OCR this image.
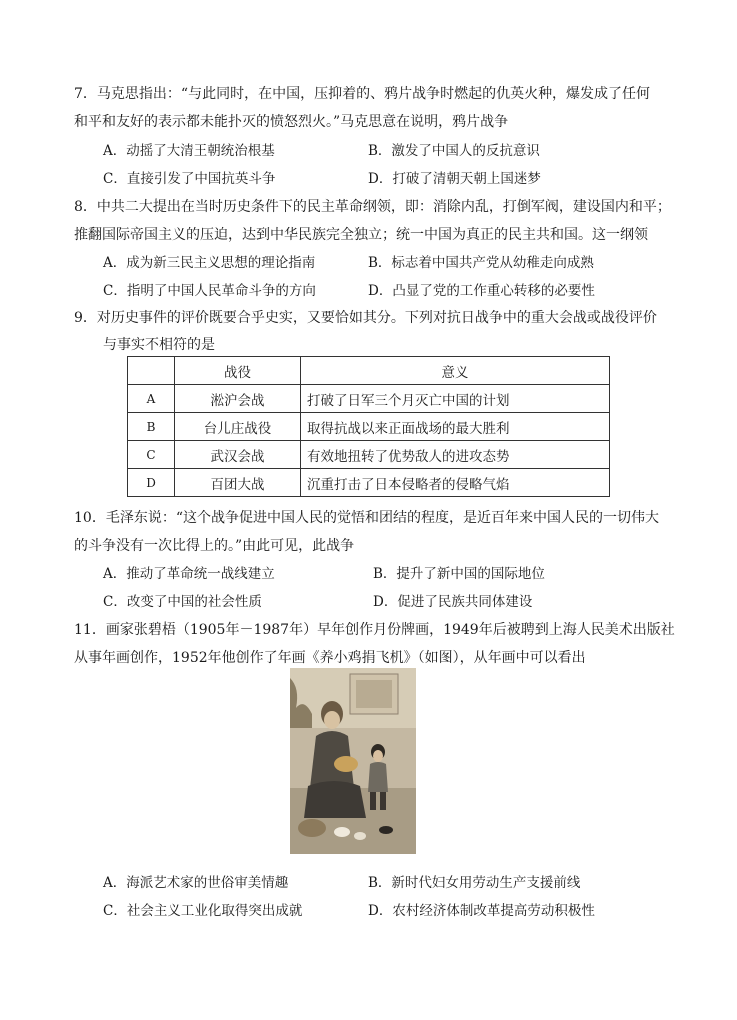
7．马克思指出：“与此同时，在中国，压抑着的、鸦片战争时燃起的仇英火种，爆发成了任何
和平和友好的表示都未能扑灭的愤怒烈火。”马克思意在说明，鸦片战争
A．动摇了大清王朝统治根基	B．激发了中国人的反抗意识
C．直接引发了中国抗英斗争	D．打破了清朝天朝上国迷梦
8．中共二大提出在当时历史条件下的民主革命纲领，即：消除内乱，打倒军阀，建设国内和平；
推翻国际帝国主义的压迫，达到中华民族完全独立；统一中国为真正的民主共和国。这一纲领
A．成为新三民主义思想的理论指南	B．标志着中国共产党从幼稚走向成熟
C．指明了中国人民革命斗争的方向	D．凸显了党的工作重心转移的必要性
9．对历史事件的评价既要合乎史实，又要恰如其分。下列对抗日战争中的重大会战或战役评价
与事实不相符的是
	战役	意义
A	淞沪会战	打破了日军三个月灭亡中国的计划
B	台儿庄战役	取得抗战以来正面战场的最大胜利
C	武汉会战	有效地扭转了优势敌人的进攻态势
D	百团大战	沉重打击了日本侵略者的侵略气焰
10．毛泽东说：“这个战争促进中国人民的觉悟和团结的程度，是近百年来中国人民的一切伟大
的斗争没有一次比得上的。”由此可见，此战争
A．推动了革命统一战线建立	B．提升了新中国的国际地位
C．改变了中国的社会性质	D．促进了民族共同体建设
11．画家张碧梧（1905年－1987年）早年创作月份牌画，1949年后被聘到上海人民美术出版社
从事年画创作，1952年他创作了年画《养小鸡捐飞机》（如图），从年画中可以看出
A．海派艺术家的世俗审美情趣	B．新时代妇女用劳动生产支援前线
C．社会主义工业化取得突出成就	D．农村经济体制改革提高劳动积极性
